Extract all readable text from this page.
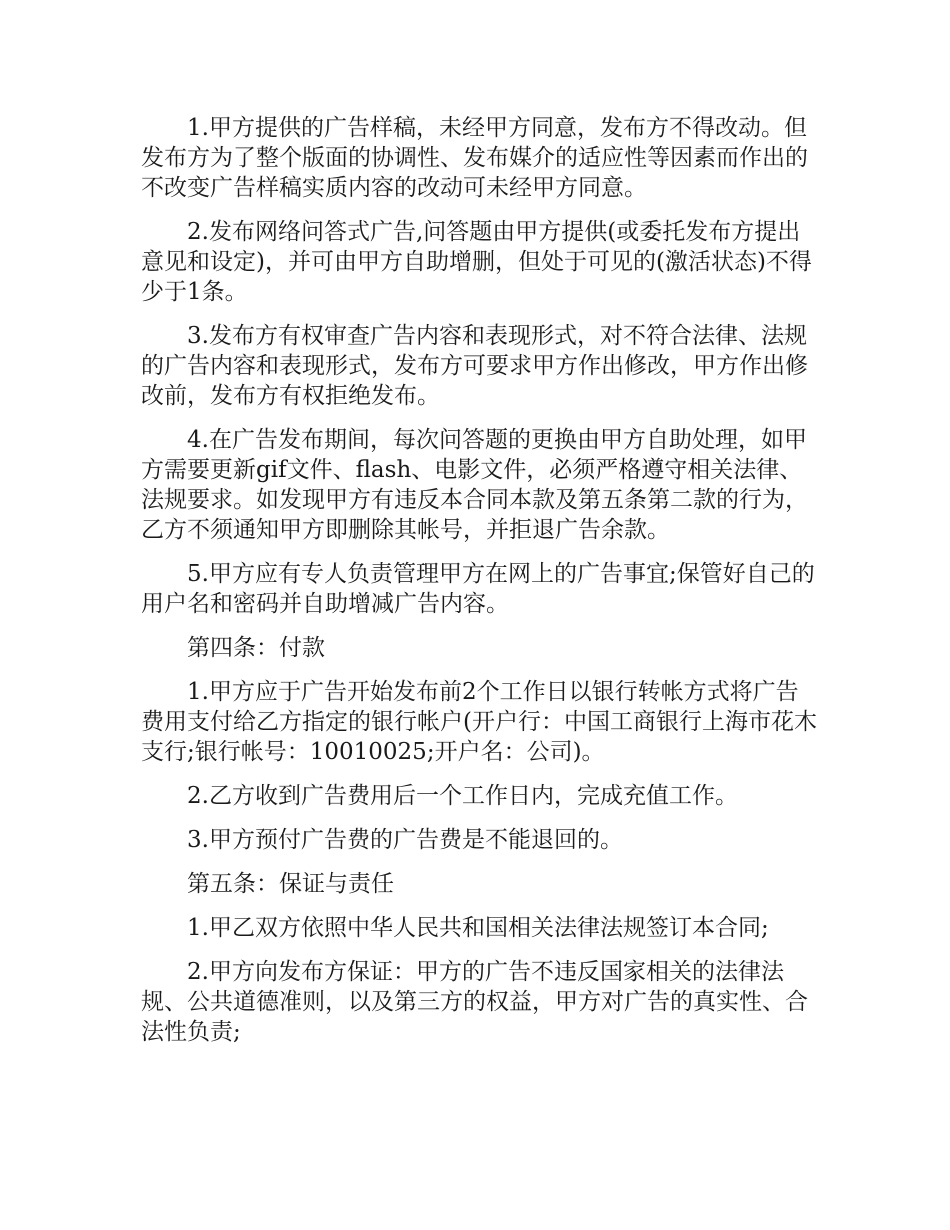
1.甲方提供的广告样稿，未经甲方同意，发布方不得改动。但发布方为了整个版面的协调性、发布媒介的适应性等因素而作出的不改变广告样稿实质内容的改动可未经甲方同意。

2.发布网络问答式广告,问答题由甲方提供(或委托发布方提出意见和设定)，并可由甲方自助增删，但处于可见的(激活状态)不得少于1条。

3.发布方有权审查广告内容和表现形式，对不符合法律、法规的广告内容和表现形式，发布方可要求甲方作出修改，甲方作出修改前，发布方有权拒绝发布。

4.在广告发布期间，每次问答题的更换由甲方自助处理，如甲方需要更新gif文件、flash、电影文件，必须严格遵守相关法律、法规要求。如发现甲方有违反本合同本款及第五条第二款的行为，乙方不须通知甲方即删除其帐号，并拒退广告余款。

5.甲方应有专人负责管理甲方在网上的广告事宜;保管好自己的用户名和密码并自助增减广告内容。

第四条：付款

1.甲方应于广告开始发布前2个工作日以银行转帐方式将广告费用支付给乙方指定的银行帐户(开户行：中国工商银行上海市花木支行;银行帐号：10010025;开户名：公司)。

2.乙方收到广告费用后一个工作日内，完成充值工作。

3.甲方预付广告费的广告费是不能退回的。

第五条：保证与责任

1.甲乙双方依照中华人民共和国相关法律法规签订本合同;

2.甲方向发布方保证：甲方的广告不违反国家相关的法律法规、公共道德准则，以及第三方的权益，甲方对广告的真实性、合法性负责;
